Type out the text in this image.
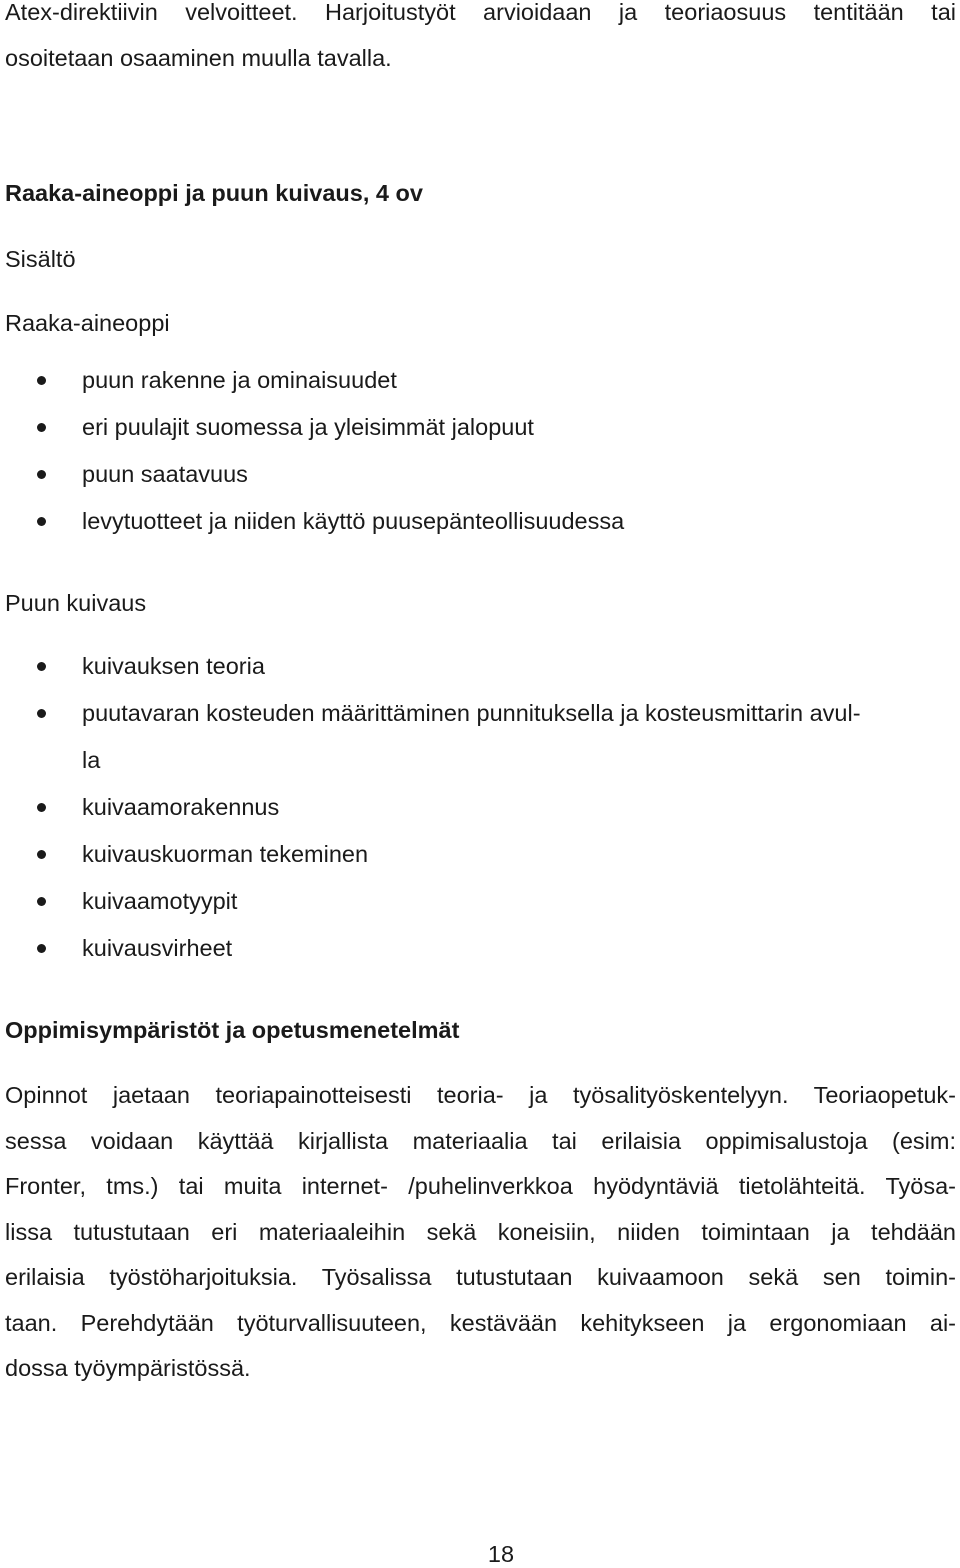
Atex-direktiivin velvoitteet. Harjoitustyöt arvioidaan ja teoriaosuus tentitään tai
osoitetaan osaaminen muulla tavalla.
Raaka-aineoppi ja puun kuivaus, 4 ov
Sisältö
Raaka-aineoppi
puun rakenne ja ominaisuudet
eri puulajit suomessa ja yleisimmät jalopuut
puun saatavuus
levytuotteet ja niiden käyttö puusepänteollisuudessa
Puun kuivaus
kuivauksen teoria
puutavaran kosteuden määrittäminen punnituksella ja kosteusmittarin avul-
la
kuivaamorakennus
kuivauskuorman tekeminen
kuivaamotyypit
kuivausvirheet
Oppimisympäristöt ja opetusmenetelmät
Opinnot jaetaan teoriapainotteisesti teoria- ja työsalityöskentelyyn. Teoriaopetuk-
sessa voidaan käyttää kirjallista materiaalia tai erilaisia oppimisalustoja (esim:
Fronter, tms.) tai muita internet- /puhelinverkkoa hyödyntäviä tietolähteitä. Työsa-
lissa tutustutaan eri materiaaleihin sekä koneisiin, niiden toimintaan ja tehdään
erilaisia työstöharjoituksia. Työsalissa tutustutaan kuivaamoon sekä sen toimin-
taan. Perehdytään työturvallisuuteen, kestävään kehitykseen ja ergonomiaan ai-
dossa työympäristössä.
18
